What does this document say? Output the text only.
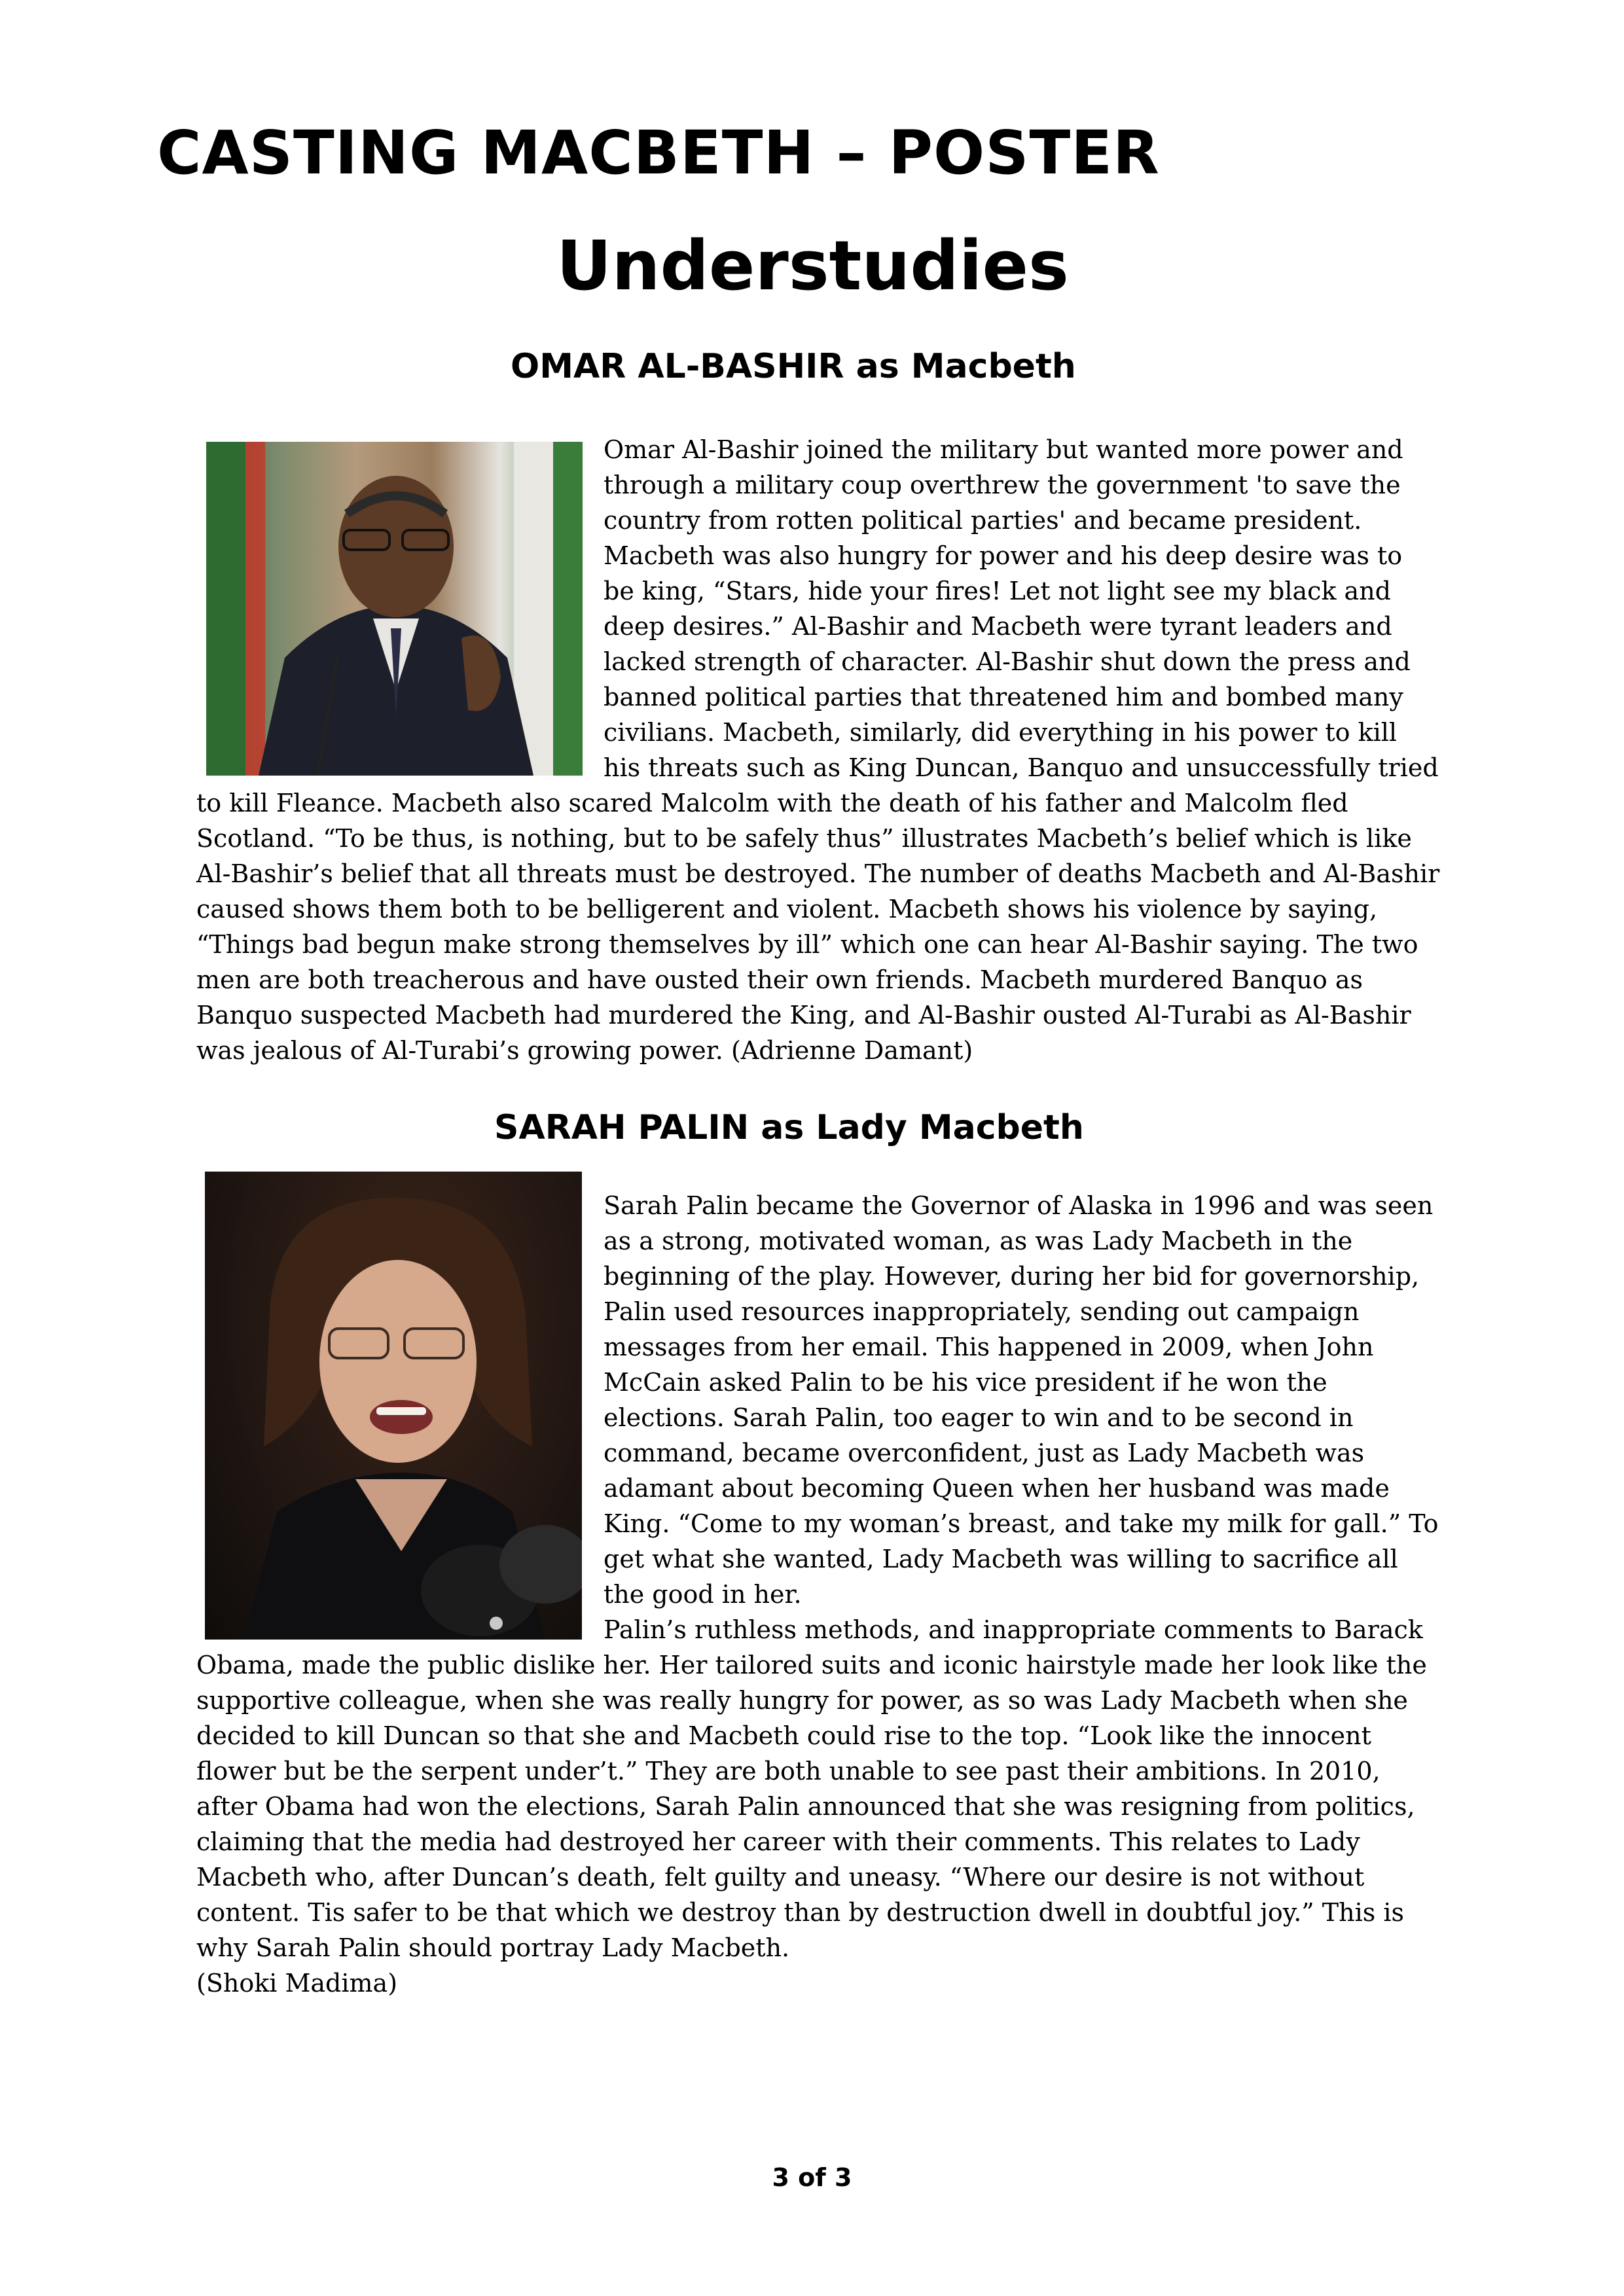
CASTING MACBETH – POSTER
Understudies
OMAR AL-BASHIR as Macbeth

Omar Al-Bashir joined the military but wanted more power and through a military coup overthrew the government 'to save the country from rotten political parties' and became president. Macbeth was also hungry for power and his deep desire was to be king, “Stars, hide your fires! Let not light see my black and deep desires.” Al-Bashir and Macbeth were tyrant leaders and lacked strength of character. Al-Bashir shut down the press and banned political parties that threatened him and bombed many civilians. Macbeth, similarly, did everything in his power to kill his threats such as King Duncan, Banquo and unsuccessfully tried to kill Fleance. Macbeth also scared Malcolm with the death of his father and Malcolm fled Scotland. “To be thus, is nothing, but to be safely thus” illustrates Macbeth’s belief which is like Al-Bashir’s belief that all threats must be destroyed. The number of deaths Macbeth and Al-Bashir caused shows them both to be belligerent and violent. Macbeth shows his violence by saying, “Things bad begun make strong themselves by ill” which one can hear Al-Bashir saying. The two men are both treacherous and have ousted their own friends. Macbeth murdered Banquo as Banquo suspected Macbeth had murdered the King, and Al-Bashir ousted Al-Turabi as Al-Bashir was jealous of Al-Turabi’s growing power. (Adrienne Damant)

SARAH PALIN as Lady Macbeth

Sarah Palin became the Governor of Alaska in 1996 and was seen as a strong, motivated woman, as was Lady Macbeth in the beginning of the play. However, during her bid for governorship, Palin used resources inappropriately, sending out campaign messages from her email. This happened in 2009, when John McCain asked Palin to be his vice president if he won the elections. Sarah Palin, too eager to win and to be second in command, became overconfident, just as Lady Macbeth was adamant about becoming Queen when her husband was made King. “Come to my woman’s breast, and take my milk for gall.” To get what she wanted, Lady Macbeth was willing to sacrifice all the good in her.

Palin’s ruthless methods, and inappropriate comments to Barack Obama, made the public dislike her. Her tailored suits and iconic hairstyle made her look like the supportive colleague, when she was really hungry for power, as so was Lady Macbeth when she decided to kill Duncan so that she and Macbeth could rise to the top. “Look like the innocent flower but be the serpent under’t.” They are both unable to see past their ambitions. In 2010, after Obama had won the elections, Sarah Palin announced that she was resigning from politics, claiming that the media had destroyed her career with their comments. This relates to Lady Macbeth who, after Duncan’s death, felt guilty and uneasy. “Where our desire is not without content. Tis safer to be that which we destroy than by destruction dwell in doubtful joy.” This is why Sarah Palin should portray Lady Macbeth.

(Shoki Madima)

3 of 3
